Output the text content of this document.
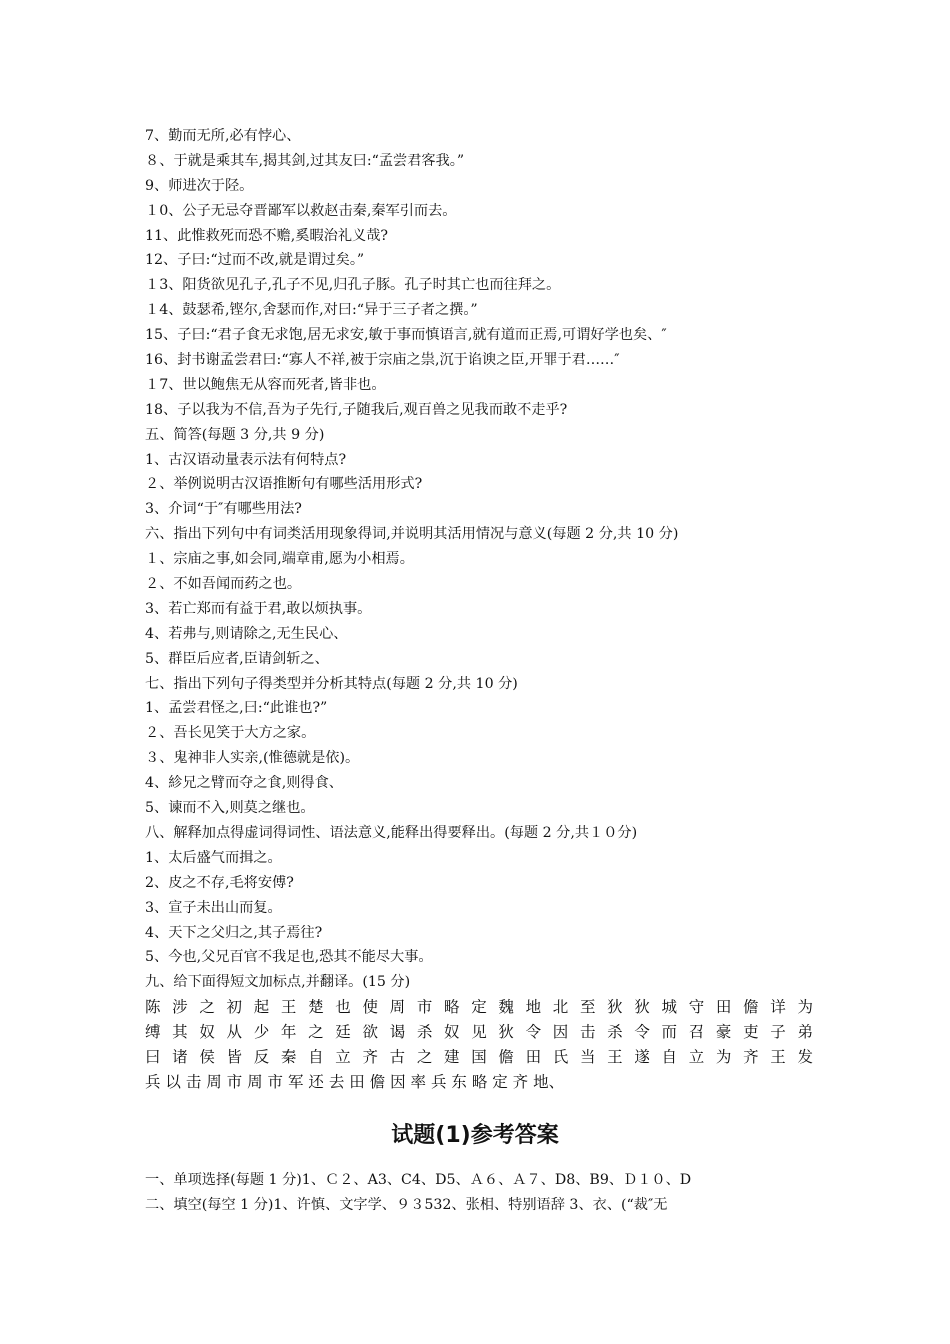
7、勤而无所,必有悖心、
８、于就是乘其车,揭其剑,过其友曰:“孟尝君客我。”
9、师进次于陉。
１0、公子无忌夺晋鄙军以救赵击秦,秦军引而去。
11、此惟救死而恐不赡,奚暇治礼义哉?
12、子曰:“过而不改,就是谓过矣。”
１3、阳货欲见孔子,孔子不见,归孔子豚。孔子时其亡也而往拜之。
１4、鼓瑟希,铿尔,舍瑟而作,对曰:“异于三子者之撰。”
15、子曰:“君子食无求饱,居无求安,敏于事而慎语言,就有道而正焉,可谓好学也矣、″
16、封书谢孟尝君曰:“寡人不祥,被于宗庙之祟,沉于谄谀之臣,开罪于君……″
１7、世以鲍焦无从容而死者,皆非也。
18、子以我为不信,吾为子先行,子随我后,观百兽之见我而敢不走乎?
五、简答(每题 3 分,共 9 分)
1、古汉语动量表示法有何特点?
２、举例说明古汉语推断句有哪些活用形式?
3、介词“于″有哪些用法?
六、指出下列句中有词类活用现象得词,并说明其活用情况与意义(每题 2 分,共 10 分)
１、宗庙之事,如会同,端章甫,愿为小相焉。
２、不如吾闻而药之也。
3、若亡郑而有益于君,敢以烦执事。
4、若弗与,则请除之,无生民心、
5、群臣后应者,臣请剑斩之、
七、指出下列句子得类型并分析其特点(每题 2 分,共 10 分)
1、孟尝君怪之,曰:“此谁也?”
２、吾长见笑于大方之家。
３、鬼神非人实亲,(惟德就是依)。
4、紾兄之臂而夺之食,则得食、
5、谏而不入,则莫之继也。
八、解释加点得虚词得词性、语法意义,能释出得要释出。(每题 2 分,共１０分)
1、太后盛气而揖之。
2、皮之不存,毛将安傅?
3、宣子未出山而复。
4、天下之父归之,其子焉往?
5、今也,父兄百官不我足也,恐其不能尽大事。
九、给下面得短文加标点,并翻译。(15 分)
陈 涉 之 初 起 王 楚 也 使 周 市 略 定 魏 地 北 至 狄 狄 城 守 田 儋 详 为
缚 其 奴 从 少 年 之 廷 欲 谒 杀 奴 见 狄 令 因 击 杀 令 而 召 豪 吏 子 弟
曰 诸 侯 皆 反 秦 自 立 齐 古 之 建 国 儋 田 氏 当 王 遂 自 立 为 齐 王 发
兵 以 击 周 市 周 市 军 还 去 田 儋 因 率 兵 东 略 定 齐 地、
试题(1)参考答案
一、单项选择(每题 1 分)1、Ｃ２、A3、C4、D5、Ａ６、Ａ７、D8、B9、Ｄ１０、D
二、填空(每空 1 分)1、许慎、文字学、９３532、张相、特别语辞 3、衣、(“裁″无
